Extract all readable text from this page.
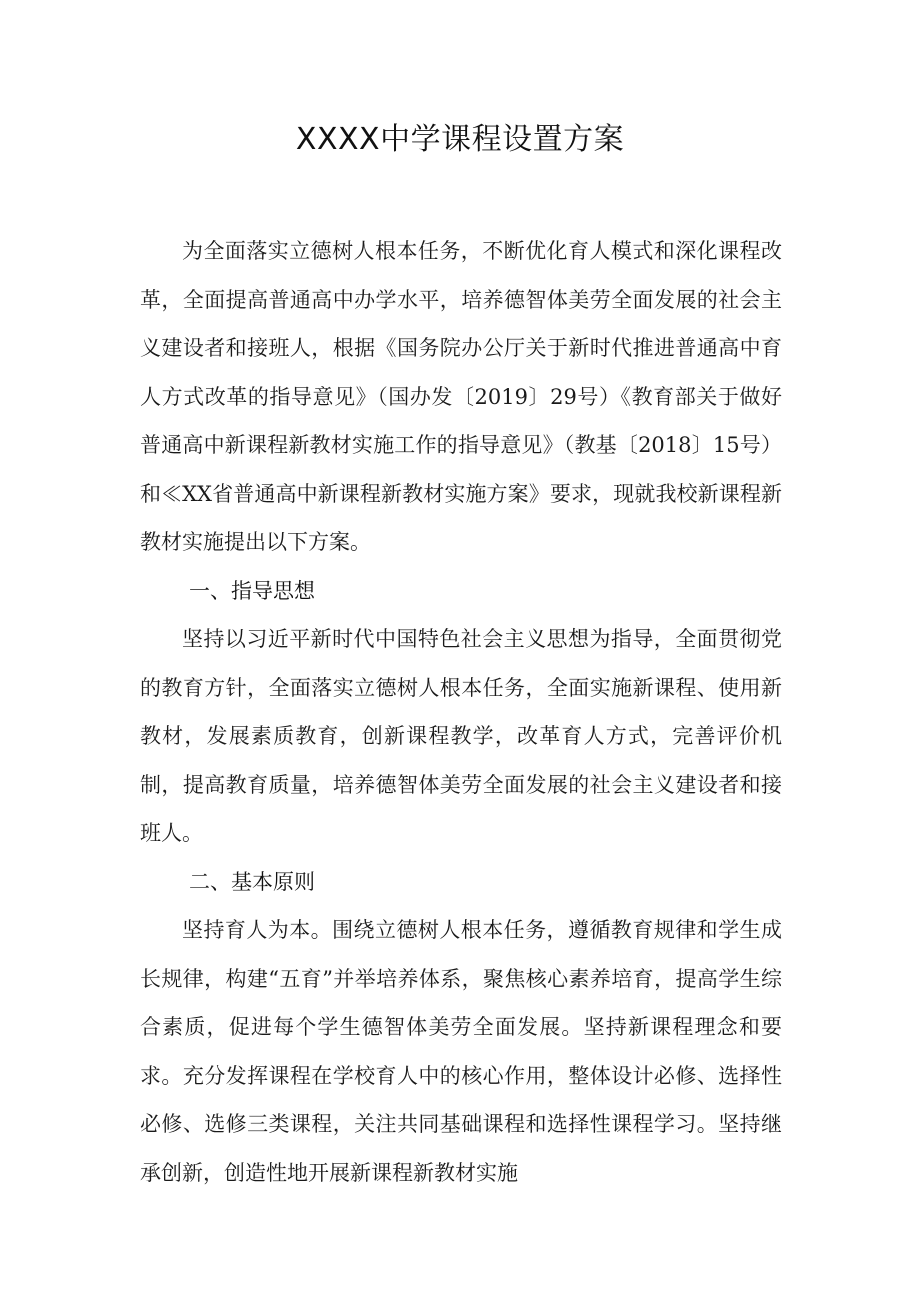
XXXX中学课程设置方案

为全面落实立德树人根本任务，不断优化育人模式和深化课程改革，全面提高普通高中办学水平，培养德智体美劳全面发展的社会主义建设者和接班人，根据《国务院办公厅关于新时代推进普通高中育人方式改革的指导意见》（国办发〔2019〕29号）《教育部关于做好普通高中新课程新教材实施工作的指导意见》（教基〔2018〕15号）和≪XX省普通高中新课程新教材实施方案》要求，现就我校新课程新教材实施提出以下方案。

一、指导思想

坚持以习近平新时代中国特色社会主义思想为指导，全面贯彻党的教育方针，全面落实立德树人根本任务，全面实施新课程、使用新教材，发展素质教育，创新课程教学，改革育人方式，完善评价机制，提高教育质量，培养德智体美劳全面发展的社会主义建设者和接班人。

二、基本原则

坚持育人为本。围绕立德树人根本任务，遵循教育规律和学生成长规律，构建“五育”并举培养体系，聚焦核心素养培育，提高学生综合素质，促进每个学生德智体美劳全面发展。坚持新课程理念和要求。充分发挥课程在学校育人中的核心作用，整体设计必修、选择性必修、选修三类课程，关注共同基础课程和选择性课程学习。坚持继承创新，创造性地开展新课程新教材实施
